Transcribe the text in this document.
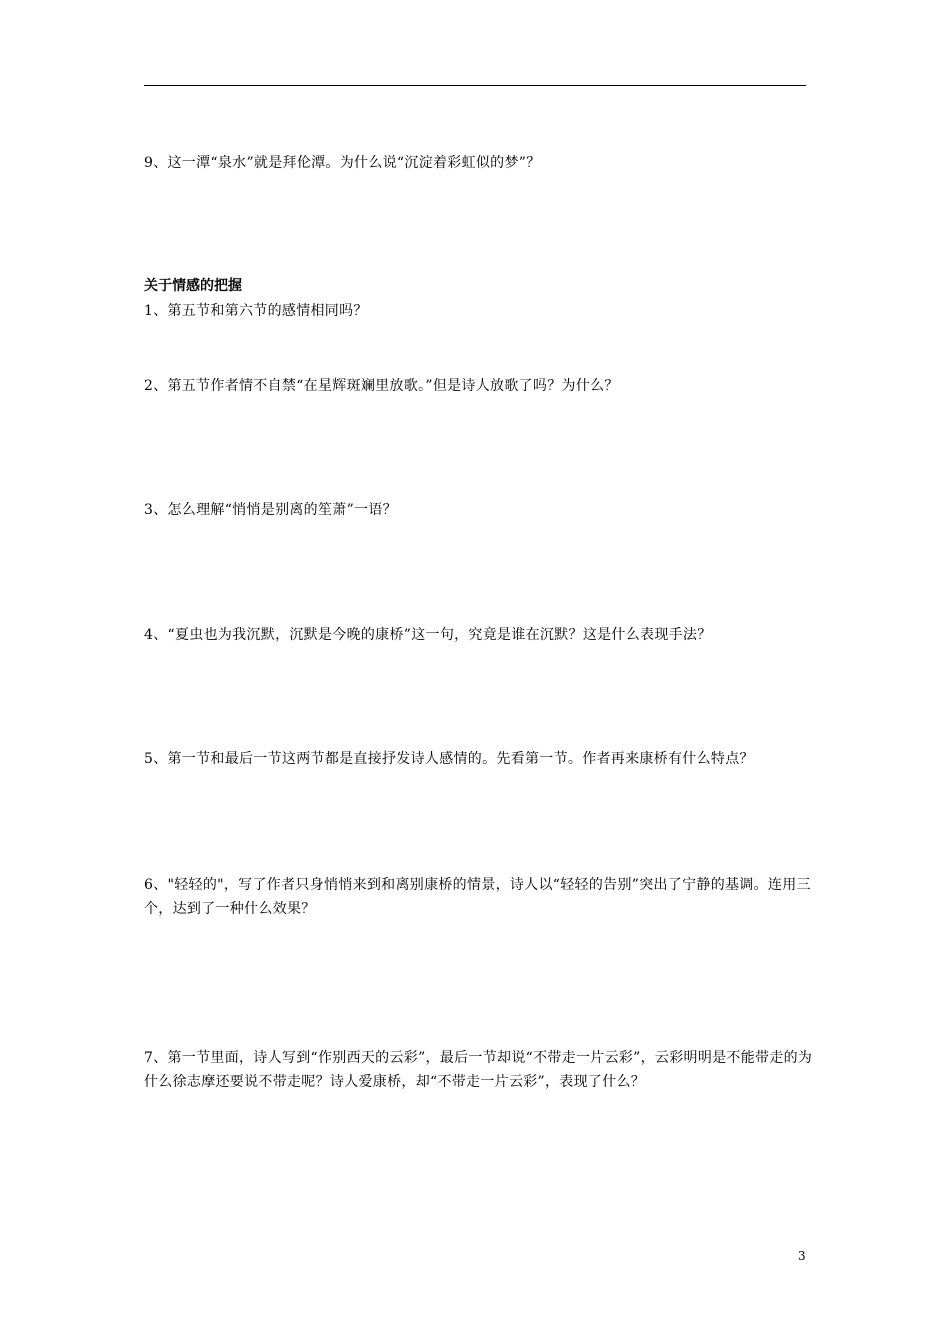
9、这一潭“泉水”就是拜伦潭。为什么说“沉淀着彩虹似的梦”？
关于情感的把握
1、第五节和第六节的感情相同吗？
2、第五节作者情不自禁“在星辉斑斓里放歌。”但是诗人放歌了吗？为什么？
3、怎么理解“悄悄是别离的笙萧”一语？
4、“夏虫也为我沉默，沉默是今晚的康桥”这一句，究竟是谁在沉默？这是什么表现手法？
5、第一节和最后一节这两节都是直接抒发诗人感情的。先看第一节。作者再来康桥有什么特点？
6、"轻轻的"，写了作者只身悄悄来到和离别康桥的情景，诗人以“轻轻的告别”突出了宁静的基调。连用三个，达到了一种什么效果？
7、第一节里面，诗人写到“作别西天的云彩”，最后一节却说“不带走一片云彩”，云彩明明是不能带走的为什么徐志摩还要说不带走呢？诗人爱康桥，却“不带走一片云彩”，表现了什么？
3
